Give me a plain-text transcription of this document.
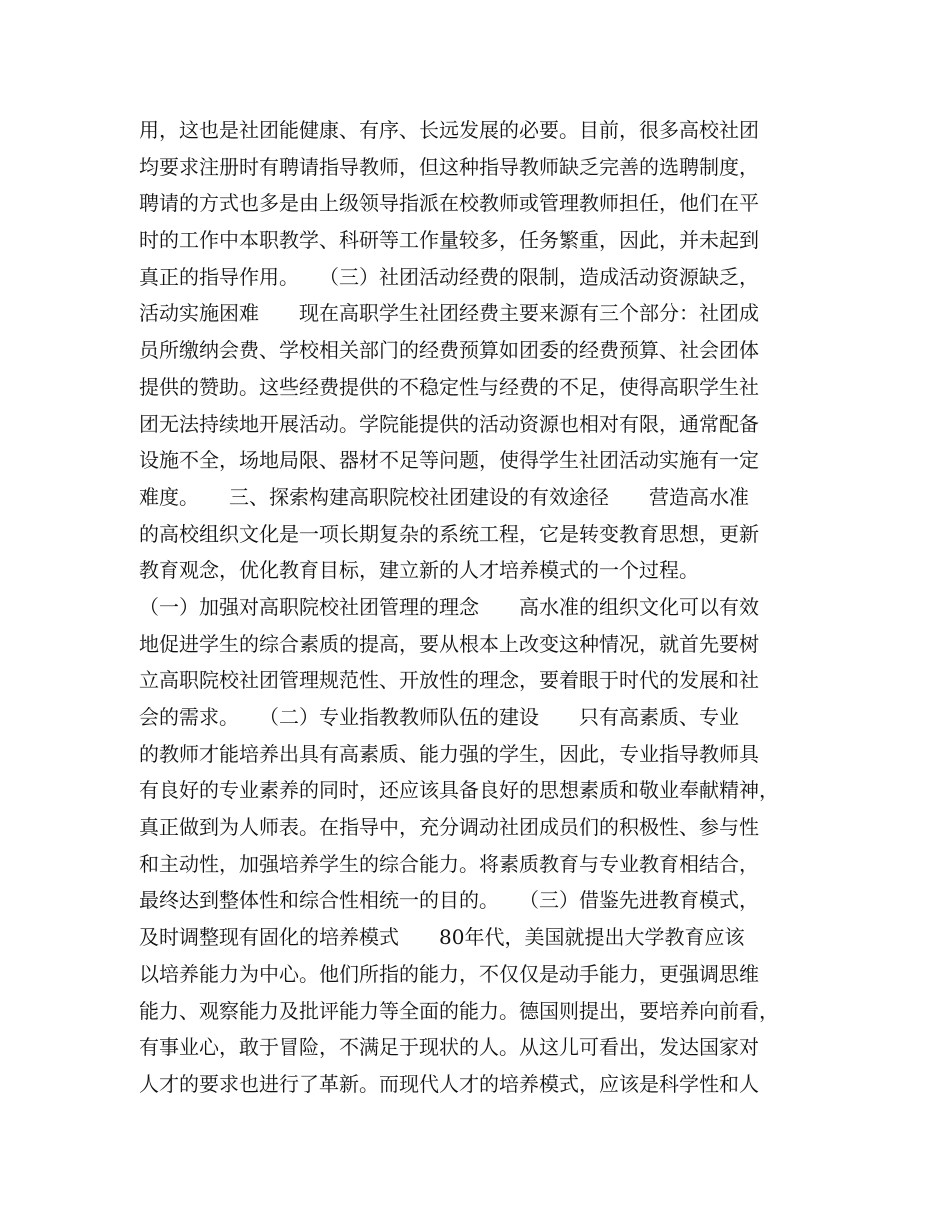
用，这也是社团能健康、有序、长远发展的必要。目前，很多高校社团
均要求注册时有聘请指导教师，但这种指导教师缺乏完善的选聘制度，
聘请的方式也多是由上级领导指派在校教师或管理教师担任，他们在平
时的工作中本职教学、科研等工作量较多，任务繁重，因此，并未起到
真正的指导作用。　　（三）社团活动经费的限制，造成活动资源缺乏，
活动实施困难　　现在高职学生社团经费主要来源有三个部分：社团成
员所缴纳会费、学校相关部门的经费预算如团委的经费预算、社会团体
提供的赞助。这些经费提供的不稳定性与经费的不足，使得高职学生社
团无法持续地开展活动。学院能提供的活动资源也相对有限，通常配备
设施不全，场地局限、器材不足等问题，使得学生社团活动实施有一定
难度。　　三、探索构建高职院校社团建设的有效途径　　营造高水准
的高校组织文化是一项长期复杂的系统工程，它是转变教育思想，更新
教育观念，优化教育目标，建立新的人才培养模式的一个过程。
（一）加强对高职院校社团管理的理念　　高水准的组织文化可以有效
地促进学生的综合素质的提高，要从根本上改变这种情况，就首先要树
立高职院校社团管理规范性、开放性的理念，要着眼于时代的发展和社
会的需求。　　（二）专业指教教师队伍的建设　　只有高素质、专业
的教师才能培养出具有高素质、能力强的学生，因此，专业指导教师具
有良好的专业素养的同时，还应该具备良好的思想素质和敬业奉献精神，
真正做到为人师表。在指导中，充分调动社团成员们的积极性、参与性
和主动性，加强培养学生的综合能力。将素质教育与专业教育相结合，
最终达到整体性和综合性相统一的目的。　　（三）借鉴先进教育模式，
及时调整现有固化的培养模式　　80年代，美国就提出大学教育应该
以培养能力为中心。他们所指的能力，不仅仅是动手能力，更强调思维
能力、观察能力及批评能力等全面的能力。德国则提出，要培养向前看，
有事业心，敢于冒险，不满足于现状的人。从这儿可看出，发达国家对
人才的要求也进行了革新。而现代人才的培养模式，应该是科学性和人
